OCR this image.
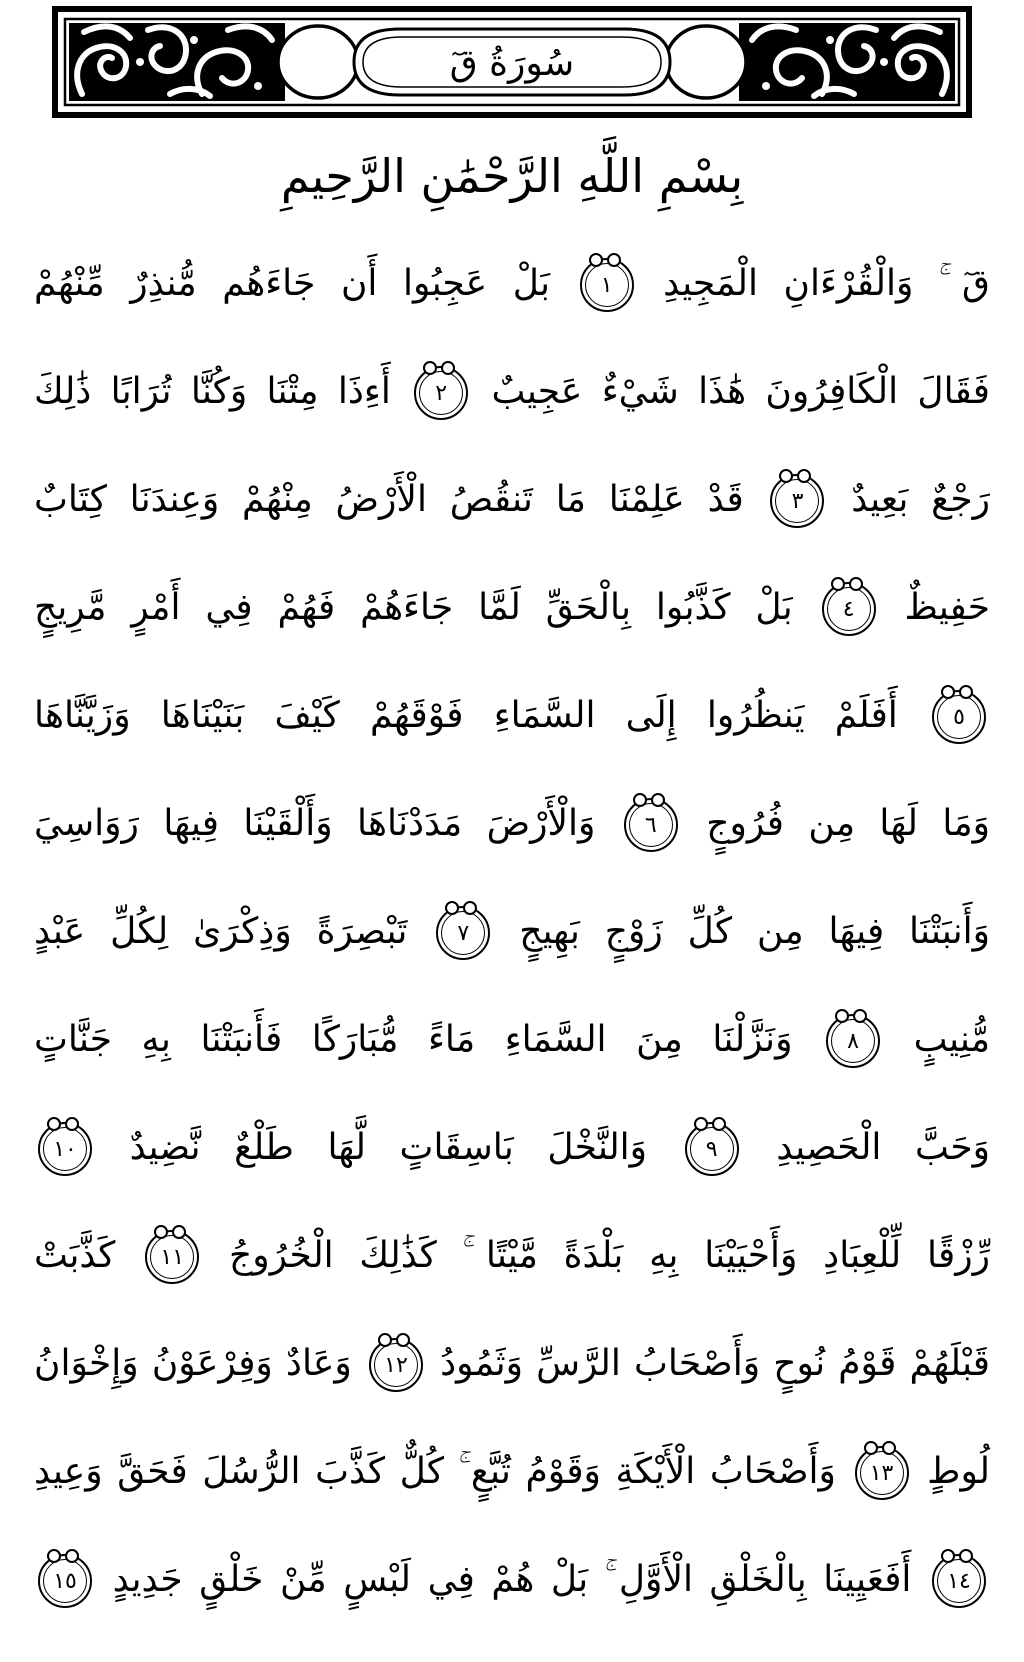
سُورَةُ قٓ
بِسْمِ اللَّهِ الرَّحْمَٰنِ الرَّحِيمِ
قٓ ۚ وَالْقُرْءَانِ الْمَجِيدِ
١
بَلْ عَجِبُوا أَن جَاءَهُم مُّنذِرٌ مِّنْهُمْ
فَقَالَ الْكَافِرُونَ هَٰذَا شَيْءٌ عَجِيبٌ
٢
أَءِذَا مِتْنَا وَكُنَّا تُرَابًا ذَٰلِكَ
رَجْعٌ بَعِيدٌ
٣
قَدْ عَلِمْنَا مَا تَنقُصُ الْأَرْضُ مِنْهُمْ وَعِندَنَا كِتَابٌ
حَفِيظٌ
٤
بَلْ كَذَّبُوا بِالْحَقِّ لَمَّا جَاءَهُمْ فَهُمْ فِي أَمْرٍ مَّرِيجٍ
٥
أَفَلَمْ يَنظُرُوا إِلَى السَّمَاءِ فَوْقَهُمْ كَيْفَ بَنَيْنَاهَا وَزَيَّنَّاهَا
وَمَا لَهَا مِن فُرُوجٍ
٦
وَالْأَرْضَ مَدَدْنَاهَا وَأَلْقَيْنَا فِيهَا رَوَاسِيَ
وَأَنبَتْنَا فِيهَا مِن كُلِّ زَوْجٍ بَهِيجٍ
٧
تَبْصِرَةً وَذِكْرَىٰ لِكُلِّ عَبْدٍ
مُّنِيبٍ
٨
وَنَزَّلْنَا مِنَ السَّمَاءِ مَاءً مُّبَارَكًا فَأَنبَتْنَا بِهِ جَنَّاتٍ
وَحَبَّ الْحَصِيدِ
٩
وَالنَّخْلَ بَاسِقَاتٍ لَّهَا طَلْعٌ نَّضِيدٌ
١٠
رِّزْقًا لِّلْعِبَادِ وَأَحْيَيْنَا بِهِ بَلْدَةً مَّيْتًا ۚ كَذَٰلِكَ الْخُرُوجُ
١١
كَذَّبَتْ
قَبْلَهُمْ قَوْمُ نُوحٍ وَأَصْحَابُ الرَّسِّ وَثَمُودُ
١٢
وَعَادٌ وَفِرْعَوْنُ وَإِخْوَانُ
لُوطٍ
١٣
وَأَصْحَابُ الْأَيْكَةِ وَقَوْمُ تُبَّعٍ ۚ كُلٌّ كَذَّبَ الرُّسُلَ فَحَقَّ وَعِيدِ
١٤
أَفَعَيِينَا بِالْخَلْقِ الْأَوَّلِ ۚ بَلْ هُمْ فِي لَبْسٍ مِّنْ خَلْقٍ جَدِيدٍ
١٥
